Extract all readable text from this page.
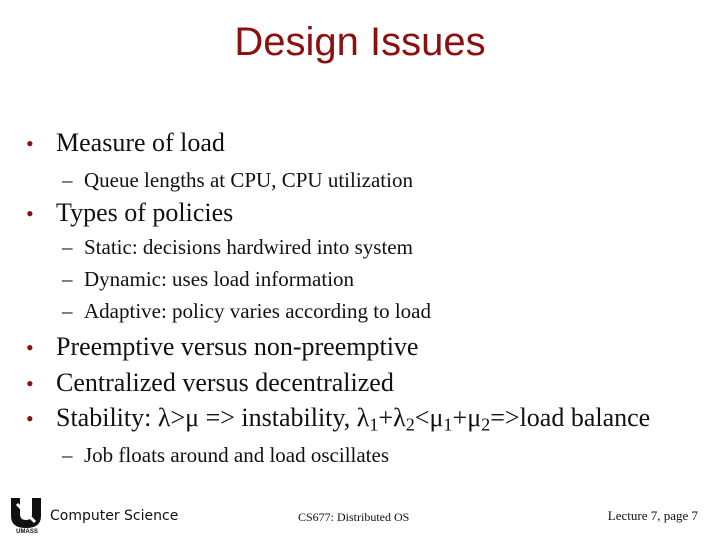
Design Issues
• Measure of load
– Queue lengths at CPU, CPU utilization
• Types of policies
– Static: decisions hardwired into system
– Dynamic: uses load information
– Adaptive: policy varies according to load
• Preemptive versus non-preemptive
• Centralized versus decentralized
• Stability: λ>μ => instability, $\lambda_1+\lambda_2<\mu_1+\mu_2=>load$ balance
– Job floats around and load oscillates
UMASS
Computer Science	CS677: Distributed OS	Lecture 7, page 7
